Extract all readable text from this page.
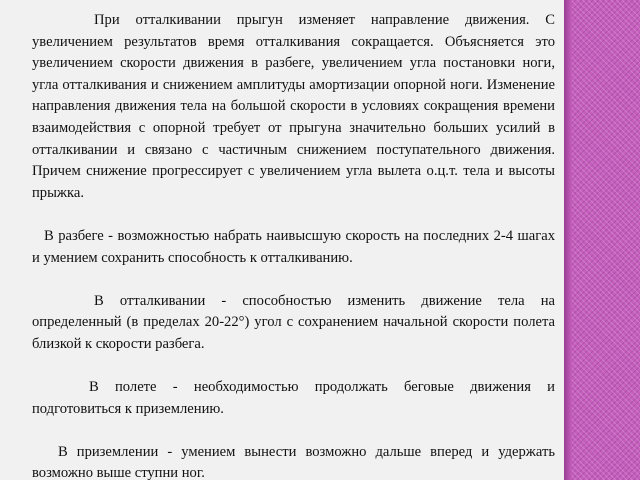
При отталкивании прыгун изменяет направление движения. С увеличением результатов время отталкивания сокращается. Объясняется это увеличением скорости движения в разбеге, увеличением угла постановки ноги, угла отталкивания и снижением амплитуды амортизации опорной ноги. Изменение направления движения тела на большой скорости в условиях сокращения времени взаимодействия с опорной требует от прыгуна значительно больших усилий в отталкивании и связано с частичным снижением поступательного движения. Причем снижение прогрессирует с увеличением угла вылета о.ц.т. тела и высоты прыжка.

В разбеге - возможностью набрать наивысшую скорость на последних 2-4 шагах и умением сохранить способность к отталкиванию.

В отталкивании - способностью изменить движение тела на определенный (в пределах 20-22°) угол с сохранением начальной скорости полета близкой к скорости разбега.

В полете - необходимостью продолжать беговые движения и подготовиться к приземлению.

В приземлении - умением вынести возможно дальше вперед и удержать возможно выше ступни ног.
